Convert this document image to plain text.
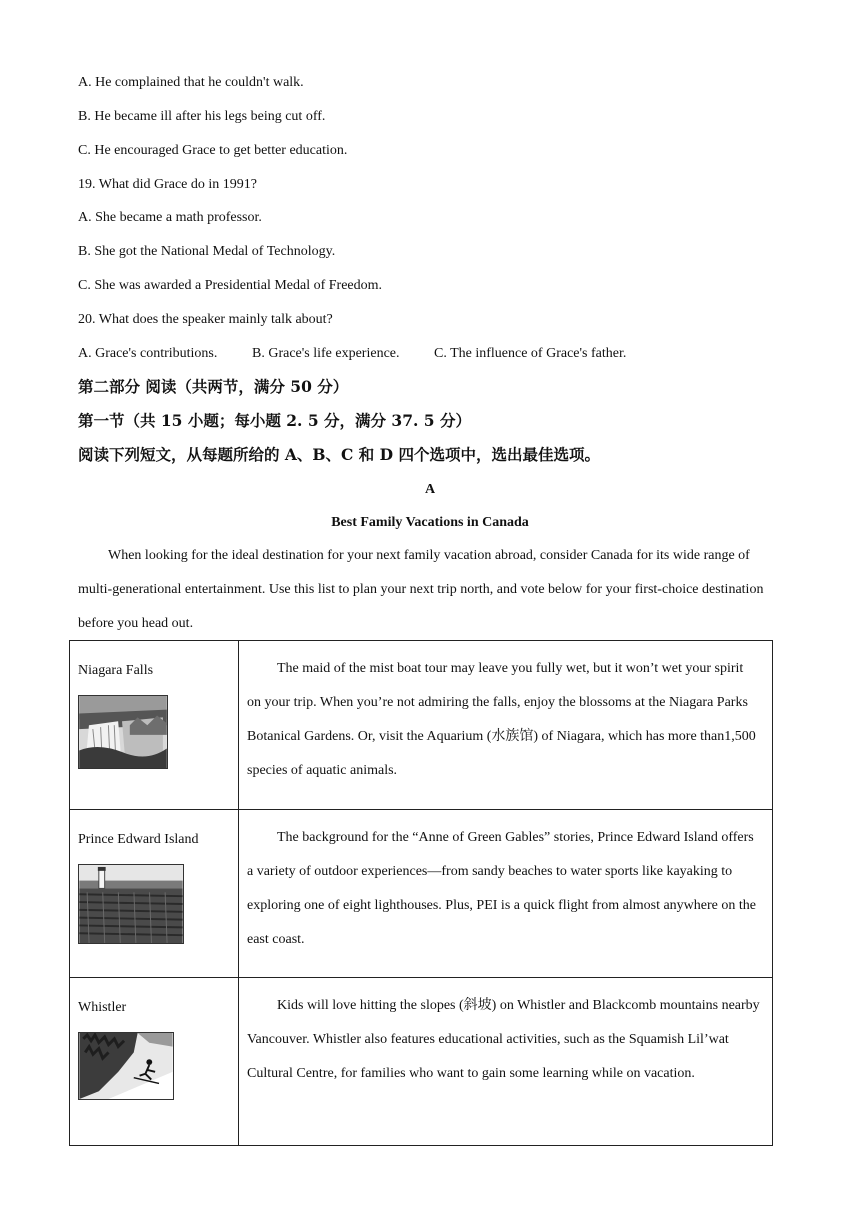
A. He complained that he couldn't walk.
B. He became ill after his legs being cut off.
C. He encouraged Grace to get better education.
19. What did Grace do in 1991?
A. She became a math professor.
B. She got the National Medal of Technology.
C. She was awarded a Presidential Medal of Freedom.
20. What does the speaker mainly talk about?
A. Grace's contributions. B. Grace's life experience. C. The influence of Grace's father.
第二部分 阅读（共两节，满分 50 分）
第一节（共 15 小题；每小题 2. 5 分，满分 37. 5 分）
阅读下列短文，从每题所给的 A、B、C 和 D 四个选项中，选出最佳选项。
A
Best Family Vacations in Canada
When looking for the ideal destination for your next family vacation abroad, consider Canada for its wide range of multi-generational entertainment. Use this list to plan your next trip north, and vote below for your first-choice destination before you head out.
Niagara Falls	The maid of the mist boat tour may leave you fully wet, but it won’t wet your spirit on your trip. When you’re not admiring the falls, enjoy the blossoms at the Niagara Parks Botanical Gardens. Or, visit the Aquarium (水族馆) of Niagara, which has more than1,500 species of aquatic animals.

Prince Edward Island	The background for the “Anne of Green Gables” stories, Prince Edward Island offers a variety of outdoor experiences—from sandy beaches to water sports like kayaking to exploring one of eight lighthouses. Plus, PEI is a quick flight from almost anywhere on the east coast.

Whistler	Kids will love hitting the slopes (斜坡) on Whistler and Blackcomb mountains nearby Vancouver. Whistler also features educational activities, such as the Squamish Lil’wat Cultural Centre, for families who want to gain some learning while on vacation.
